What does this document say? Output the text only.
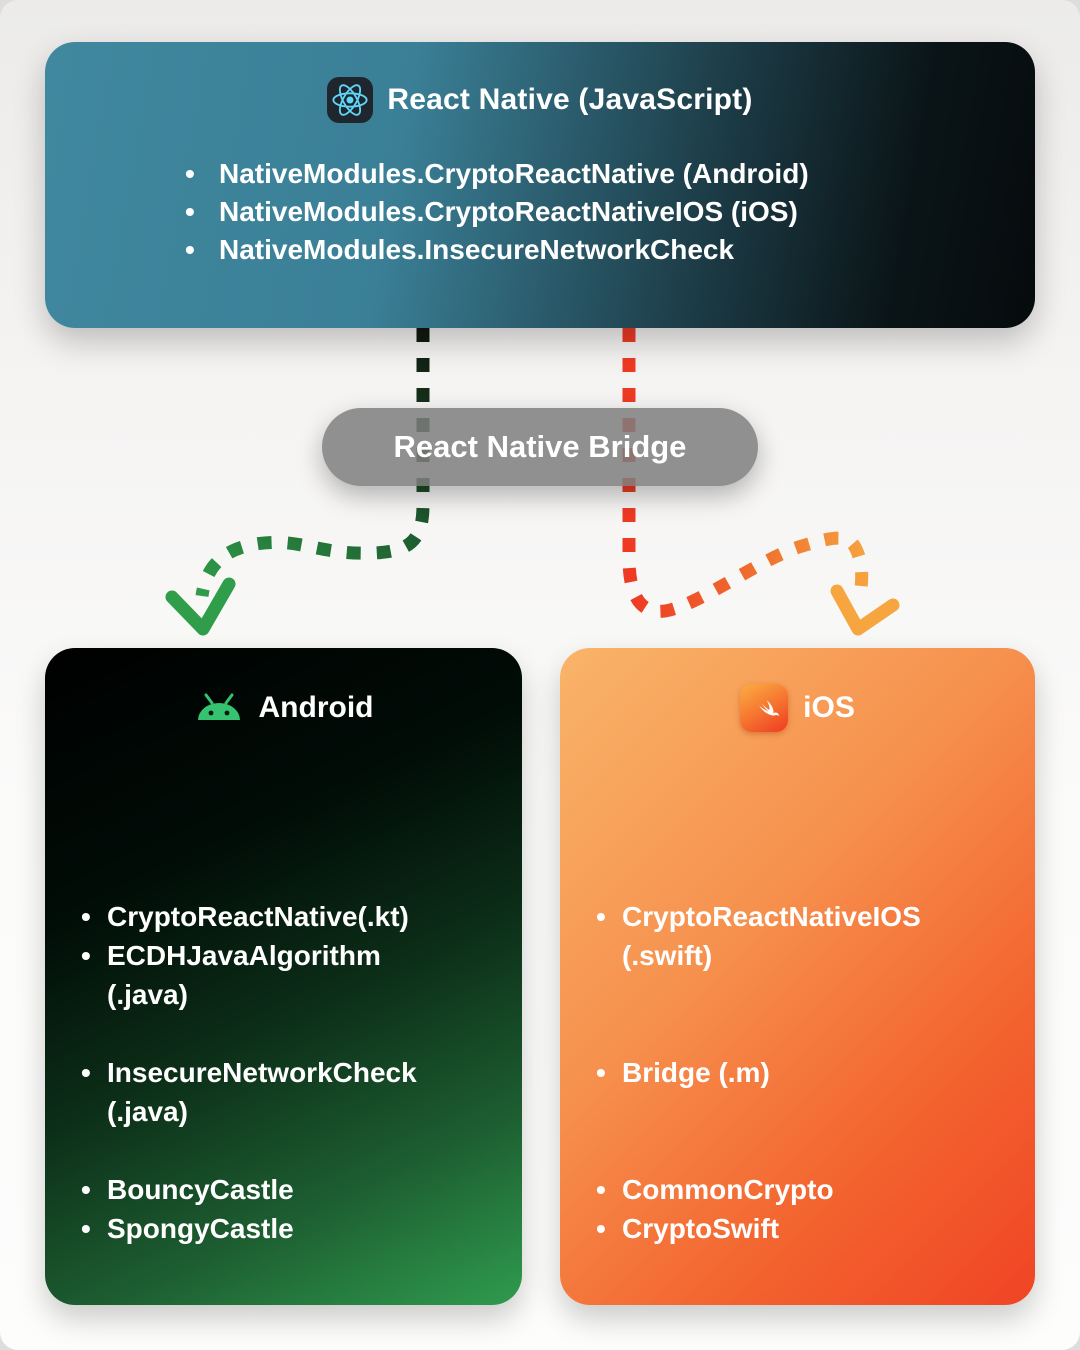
React Native (JavaScript)
• NativeModules.CryptoReactNative (Android)
• NativeModules.CryptoReactNativeIOS (iOS)
• NativeModules.InsecureNetworkCheck
React Native Bridge
Android
• CryptoReactNative(.kt)
• ECDHJavaAlgorithm
(.java)
• InsecureNetworkCheck
(.java)
• BouncyCastle
• SpongyCastle
iOS
• CryptoReactNativeIOS
(.swift)
• Bridge (.m)
• CommonCrypto
• CryptoSwift
